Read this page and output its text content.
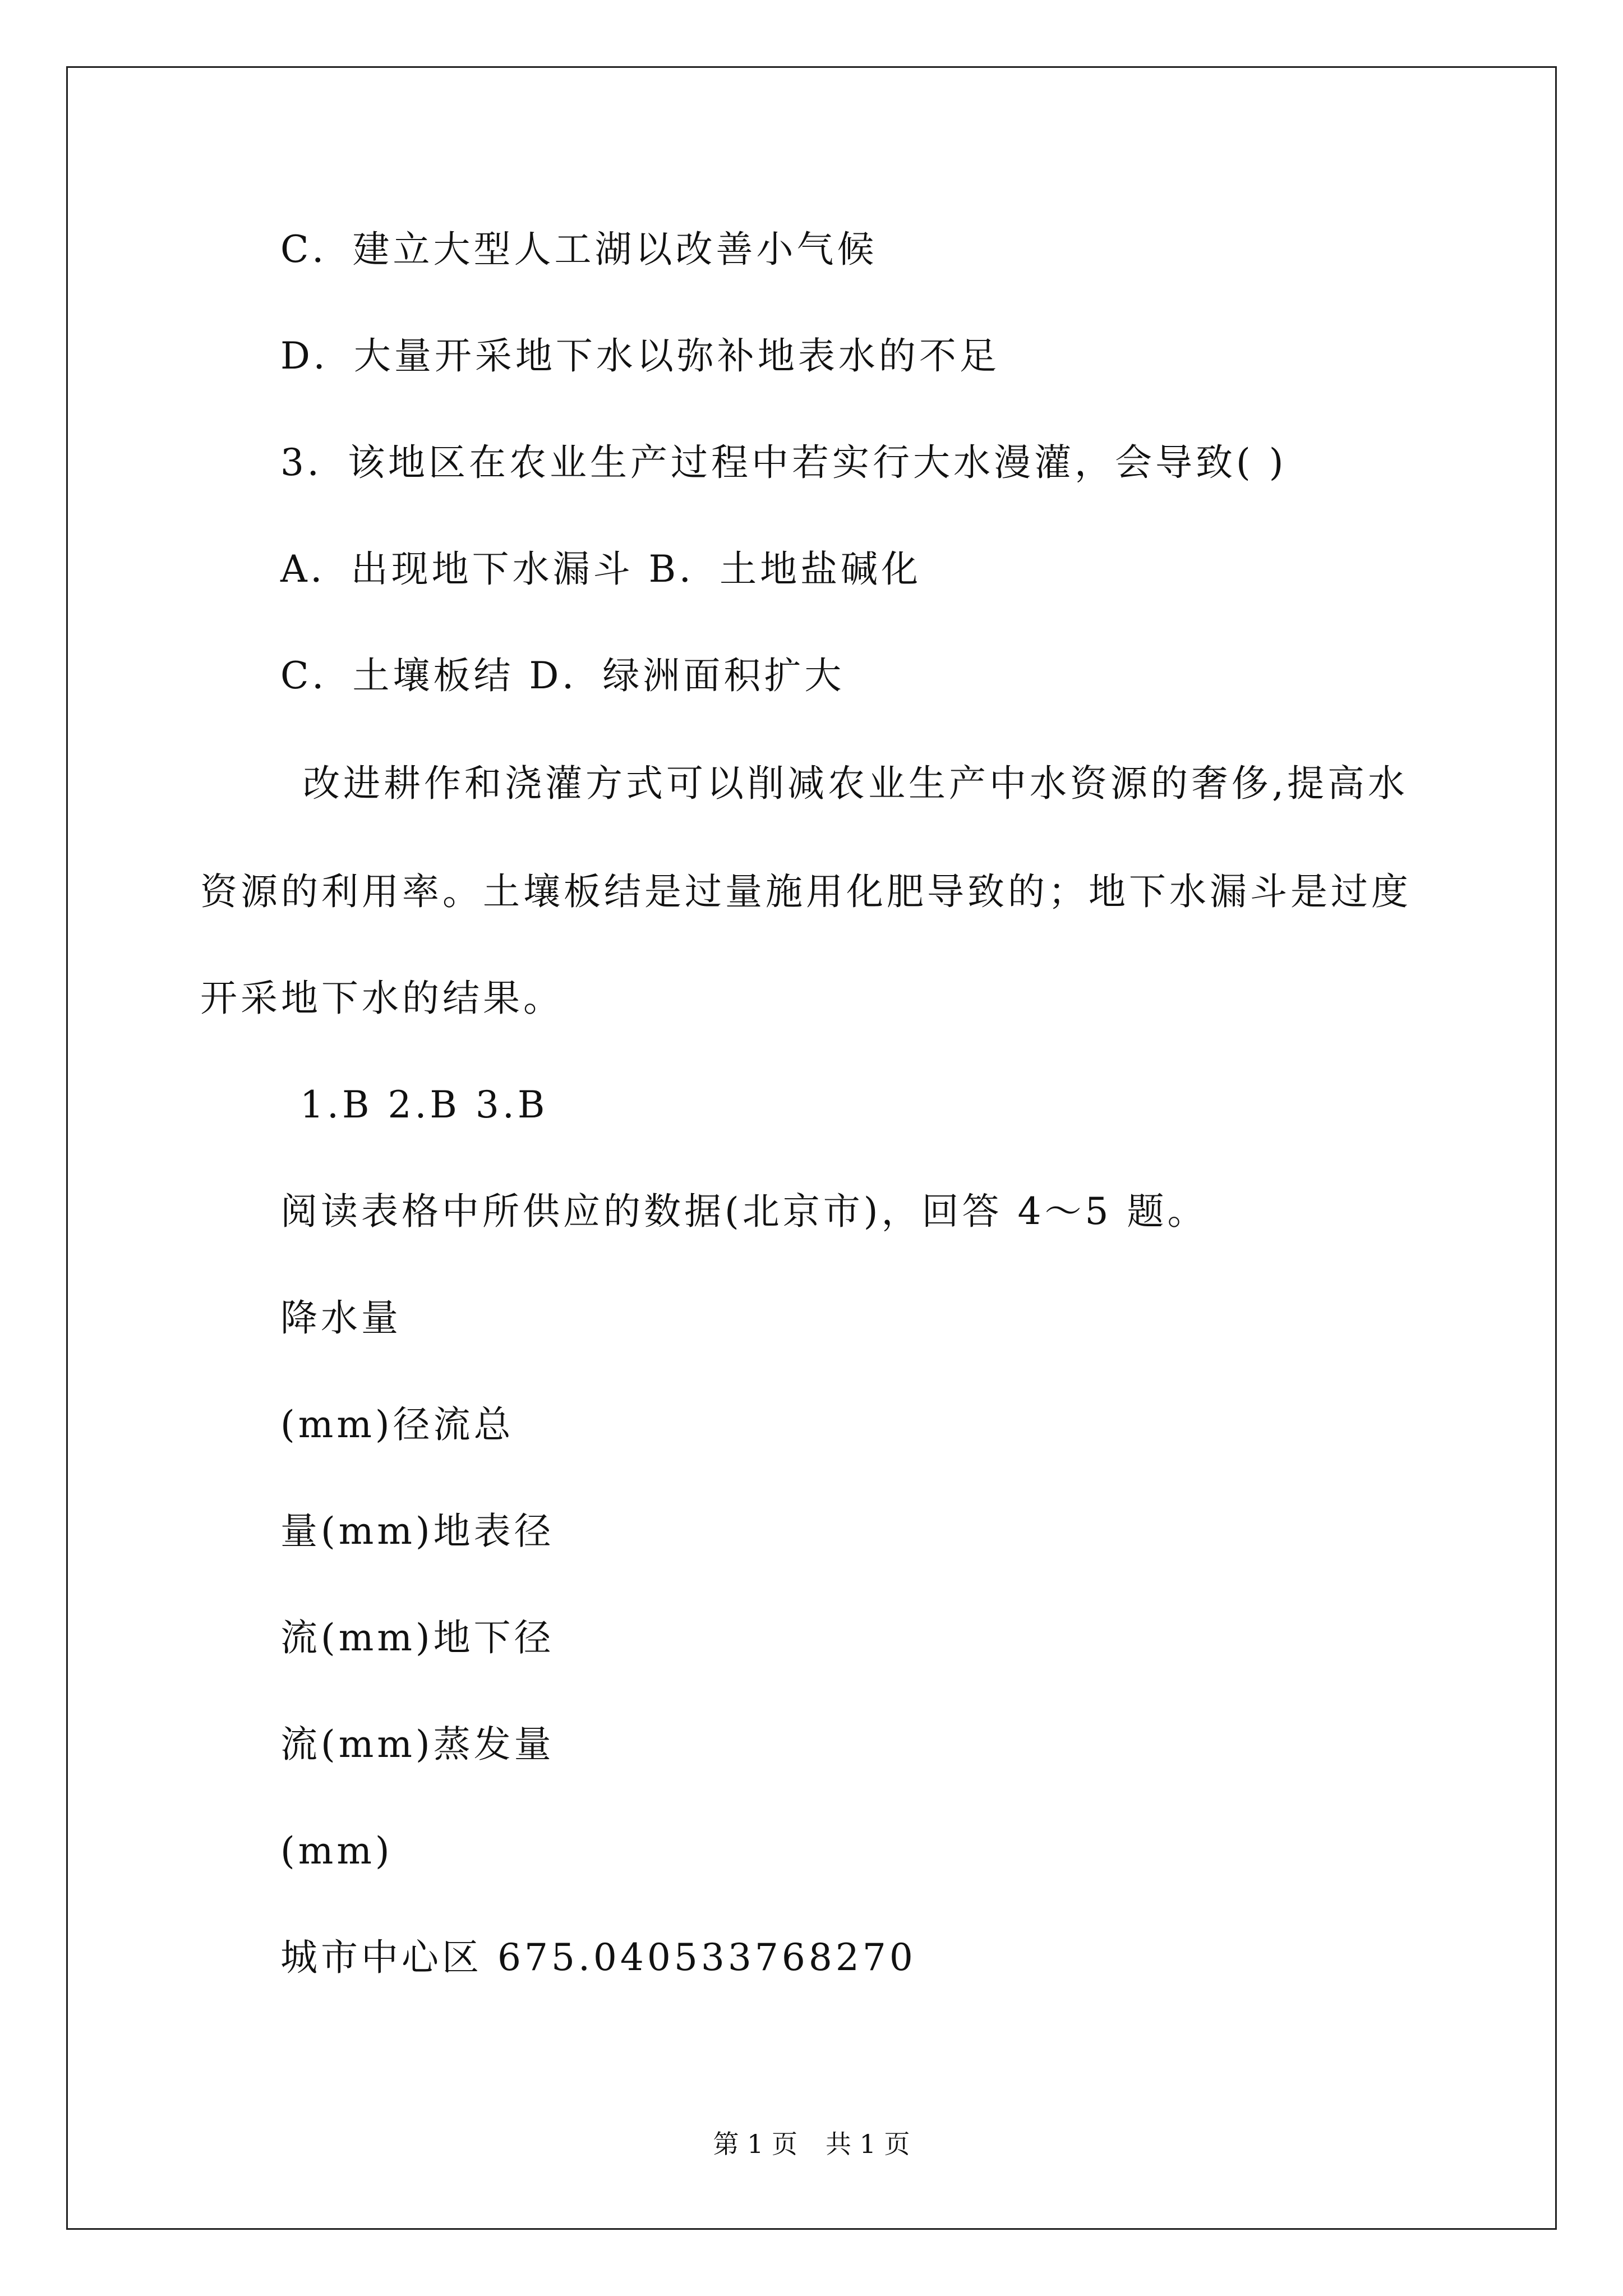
C．建立大型人工湖以改善小气候
D．大量开采地下水以弥补地表水的不足
3．该地区在农业生产过程中若实行大水漫灌，会导致( )
A．出现地下水漏斗 B．土地盐碱化
C．土壤板结 D．绿洲面积扩大
改进耕作和浇灌方式可以削减农业生产中水资源的奢侈,提高水
资源的利用率。土壤板结是过量施用化肥导致的；地下水漏斗是过度
开采地下水的结果。
1.B 2.B 3.B
阅读表格中所供应的数据(北京市)，回答 4～5 题。
降水量
(mm)径流总
量(mm)地表径
流(mm)地下径
流(mm)蒸发量
(mm)
城市中心区 675.040533768270
第 1 页 共 1 页
